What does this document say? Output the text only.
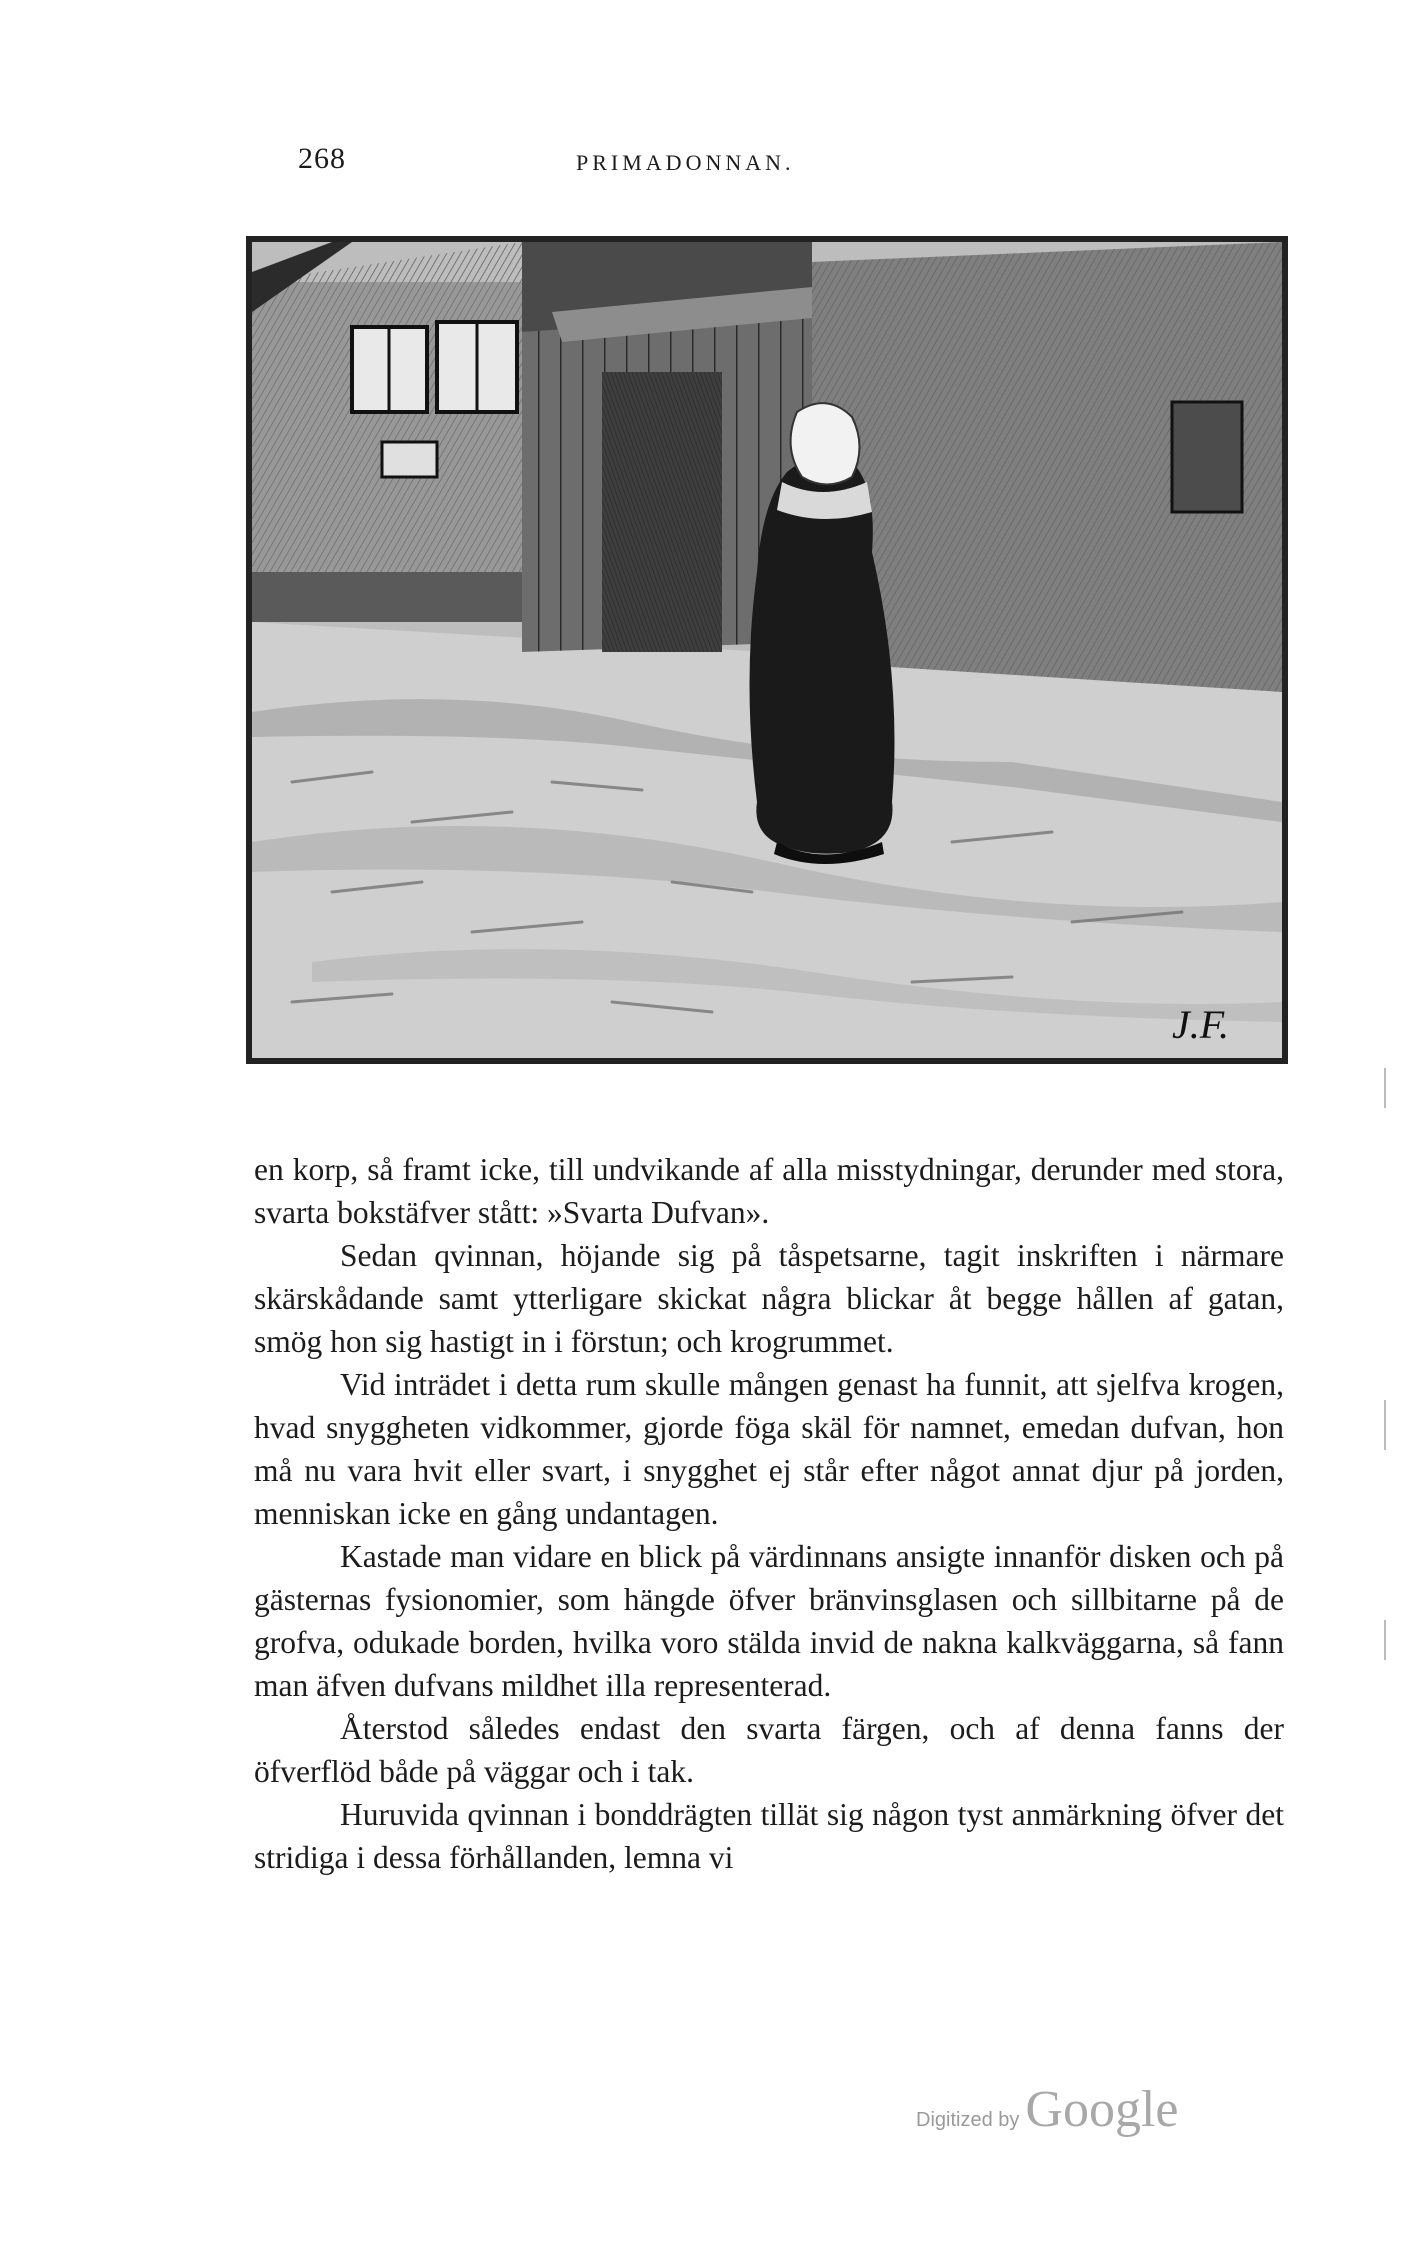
268	PRIMADONNAN.
J.F.

en korp, så framt icke, till undvikande af alla misstydningar, derunder med stora, svarta bokstäfver stått: »Svarta Dufvan».

Sedan qvinnan, höjande sig på tåspetsarne, tagit inskriften i närmare skärskådande samt ytterligare skickat några blickar åt begge hållen af gatan, smög hon sig hastigt in i förstun; och krogrummet.

Vid inträdet i detta rum skulle mången genast ha funnit, att sjelfva krogen, hvad snyggheten vidkommer, gjorde föga skäl för namnet, emedan dufvan, hon må nu vara hvit eller svart, i snygghet ej står efter något annat djur på jorden, menniskan icke en gång undantagen.

Kastade man vidare en blick på värdinnans ansigte innanför disken och på gästernas fysionomier, som hängde öfver bränvinsglasen och sillbitarne på de grofva, odukade borden, hvilka voro stälda invid de nakna kalkväggarna, så fann man äfven dufvans mildhet illa representerad.

Återstod således endast den svarta färgen, och af denna fanns der öfverflöd både på väggar och i tak.

Huruvida qvinnan i bonddrägten tillät sig någon tyst anmärkning öfver det stridiga i dessa förhållanden, lemna vi

Digitized by Google
